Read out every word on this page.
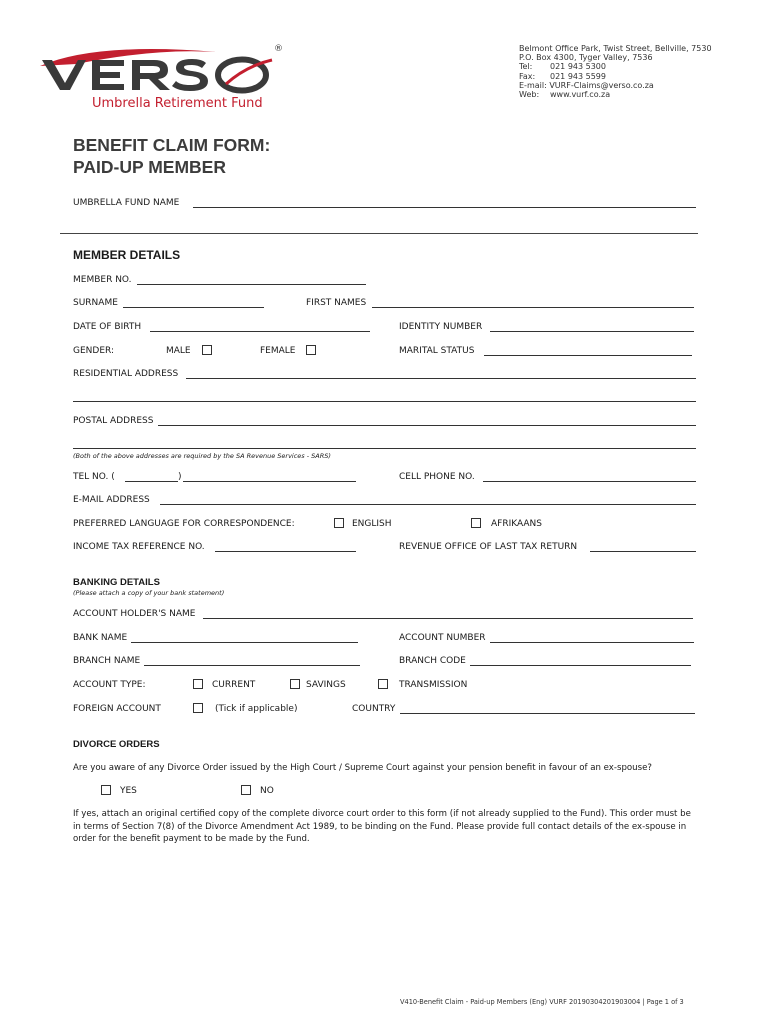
®
Umbrella Retirement Fund
Belmont Office Park, Twist Street, Bellville, 7530
P.O. Box 4300, Tyger Valley, 7536
Tel: 021 943 5300
Fax: 021 943 5599
E-mail: VURF-Claims@verso.co.za
Web: www.vurf.co.za
BENEFIT CLAIM FORM:
PAID-UP MEMBER
UMBRELLA FUND NAME
MEMBER DETAILS
MEMBER NO.
SURNAME	FIRST NAMES
DATE OF BIRTH	IDENTITY NUMBER
GENDER:	MALE	FEMALE	MARITAL STATUS
RESIDENTIAL ADDRESS
POSTAL ADDRESS
(Both of the above addresses are required by the SA Revenue Services - SARS)
TEL NO. (	)	CELL PHONE NO.
E-MAIL ADDRESS
PREFERRED LANGUAGE FOR CORRESPONDENCE:	ENGLISH	AFRIKAANS
INCOME TAX REFERENCE NO.	REVENUE OFFICE OF LAST TAX RETURN
BANKING DETAILS
(Please attach a copy of your bank statement)
ACCOUNT HOLDER'S NAME
BANK NAME	ACCOUNT NUMBER
BRANCH NAME	BRANCH CODE
ACCOUNT TYPE:	CURRENT	SAVINGS	TRANSMISSION
FOREIGN ACCOUNT	(Tick if applicable)	COUNTRY
DIVORCE ORDERS
Are you aware of any Divorce Order issued by the High Court / Supreme Court against your pension benefit in favour of an ex-spouse?
YES	NO
If yes, attach an original certified copy of the complete divorce court order to this form (if not already supplied to the Fund). This order must be in terms of Section 7(8) of the Divorce Amendment Act 1989, to be binding on the Fund. Please provide full contact details of the ex-spouse in order for the benefit payment to be made by the Fund.
V410-Benefit Claim - Paid-up Members (Eng) VURF 20190304201903004 | Page 1 of 3
